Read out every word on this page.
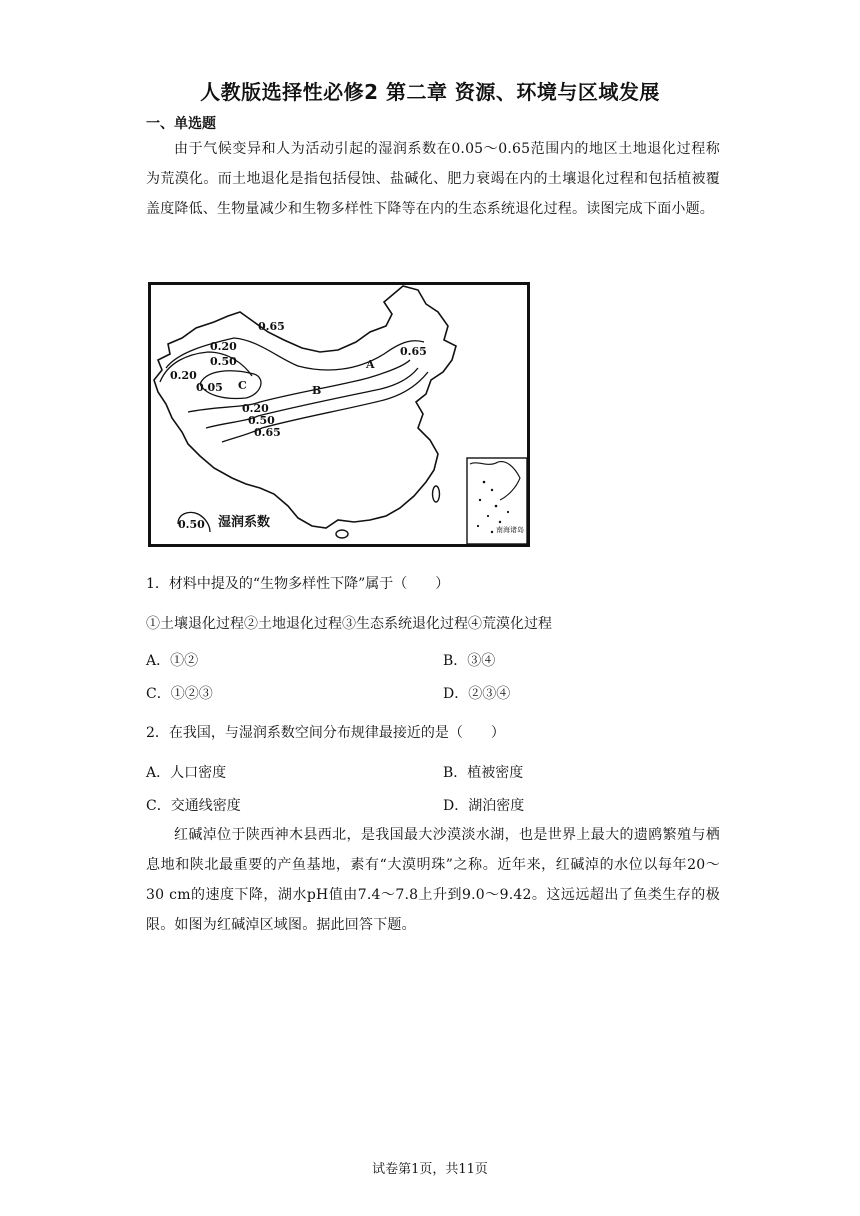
人教版选择性必修2 第二章 资源、环境与区域发展
一、单选题

由于气候变异和人为活动引起的湿润系数在0.05～0.65范围内的地区土地退化过程称为荒漠化。而土地退化是指包括侵蚀、盐碱化、肥力衰竭在内的土壤退化过程和包括植被覆盖度降低、生物量减少和生物多样性下降等在内的生态系统退化过程。读图完成下面小题。

0.65
0.20
0.50
0.20
0.05 C
A
0.65
B
0.20
0.50
0.65
0.50 湿润系数	南海诸岛
1．材料中提及的“生物多样性下降”属于（　　）
①土壤退化过程②土地退化过程③生态系统退化过程④荒漠化过程
A．①②	B．③④
C．①②③	D．②③④
2．在我国，与湿润系数空间分布规律最接近的是（　　）
A．人口密度	B．植被密度
C．交通线密度	D．湖泊密度

红碱淖位于陕西神木县西北，是我国最大沙漠淡水湖，也是世界上最大的遗鸥繁殖与栖息地和陕北最重要的产鱼基地，素有“大漠明珠”之称。近年来，红碱淖的水位以每年20～30 cm的速度下降，湖水pH值由7.4～7.8上升到9.0～9.42。这远远超出了鱼类生存的极限。如图为红碱淖区域图。据此回答下题。

试卷第1页，共11页
